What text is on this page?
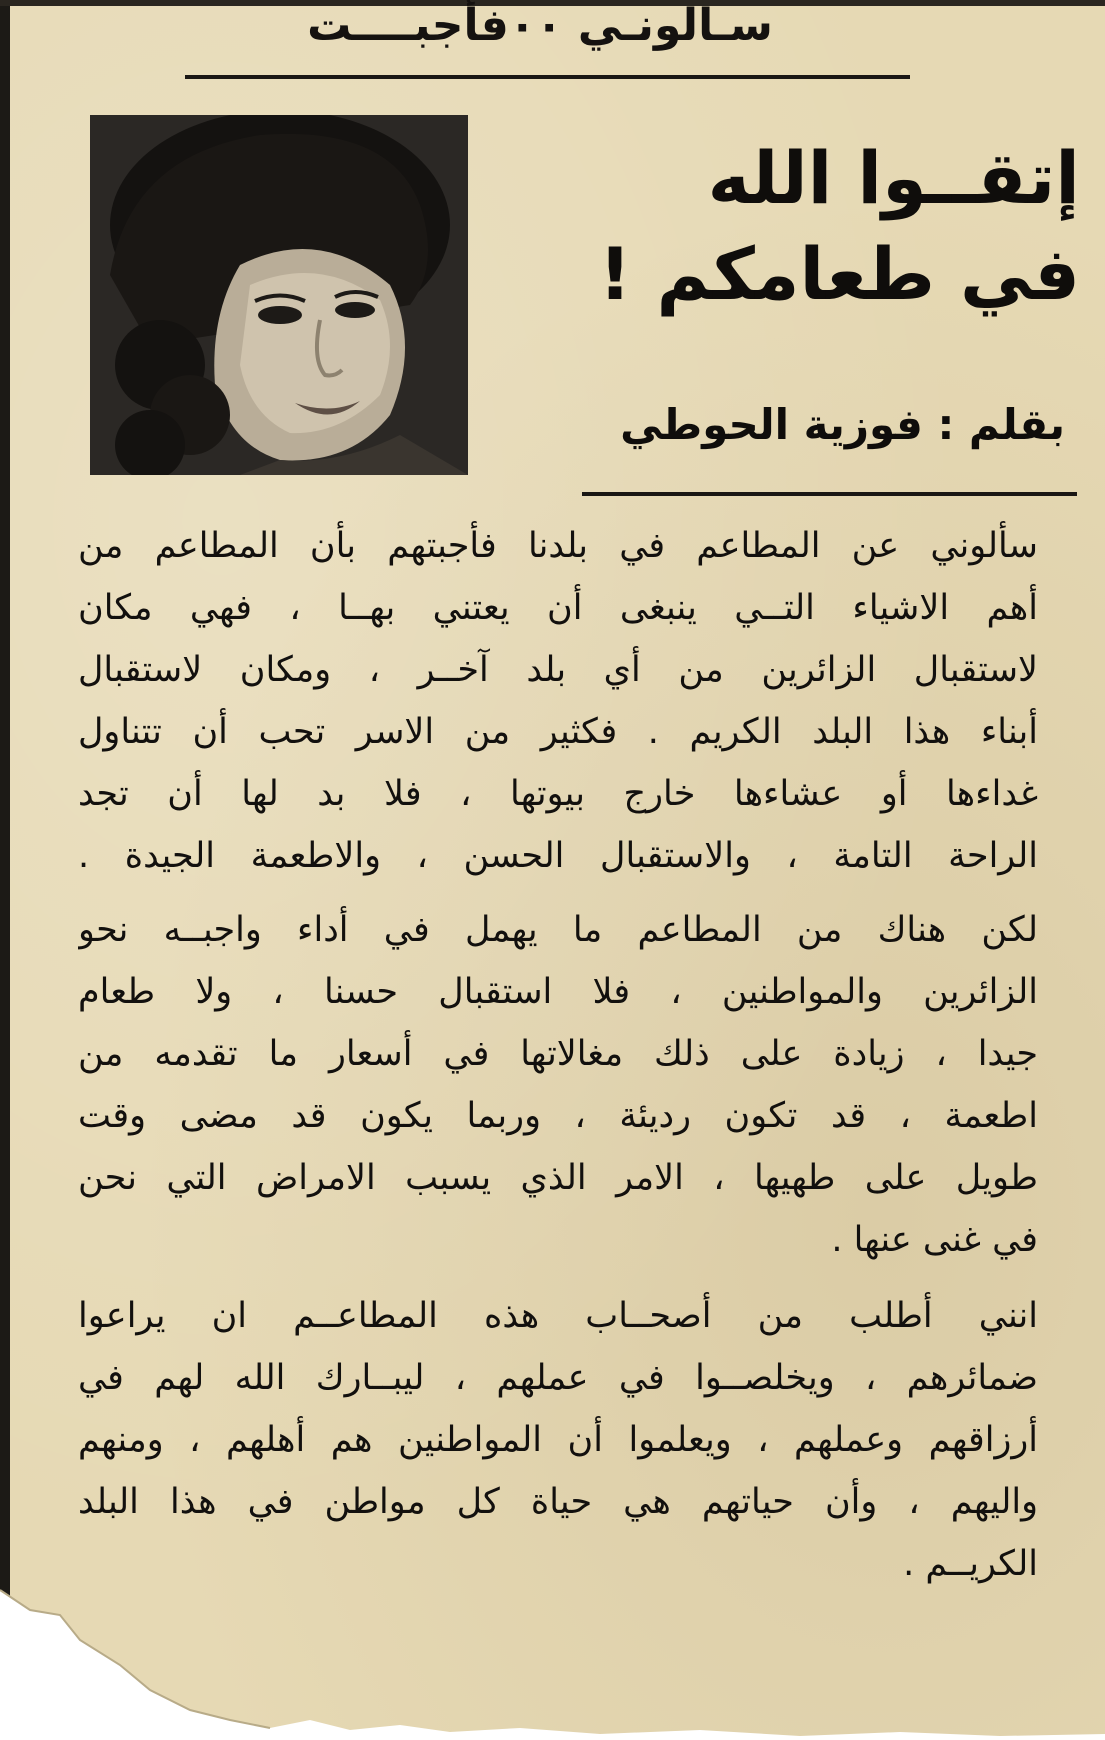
سـالونـي ٠٠فأجبــــت
إتقــوا الله
في طعامكم !
بقلم : فوزية الحوطي
سألوني عن المطاعم في بلدنا فأجبتهم بأن المطاعم من
أهم الاشياء التــي ينبغى أن يعتني بهــا ، فهي مكان
لاستقبال الزائرين من أي بلد آخــر ، ومكان لاستقبال
أبناء هذا البلد الكريم . فكثير من الاسر تحب أن تتناول
غداءها أو عشاءها خارج بيوتها ، فلا بد لها أن تجد
الراحة التامة ، والاستقبال الحسن ، والاطعمة الجيدة .
لكن هناك من المطاعم ما يهمل في أداء واجبــه نحو
الزائرين والمواطنين ، فلا استقبال حسنا ، ولا طعام
جيدا ، زيادة على ذلك مغالاتها في أسعار ما تقدمه من
اطعمة ، قد تكون رديئة ، وربما يكون قد مضى وقت
طويل على طهيها ، الامر الذي يسبب الامراض التي نحن
في غنى عنها .
انني أطلب من أصحــاب هذه المطاعــم ان يراعوا
ضمائرهم ، ويخلصــوا في عملهم ، ليبــارك الله لهم في
أرزاقهم وعملهم ، ويعلموا أن المواطنين هم أهلهم ، ومنهم
واليهم ، وأن حياتهم هي حياة كل مواطن في هذا البلد
الكريــم .
